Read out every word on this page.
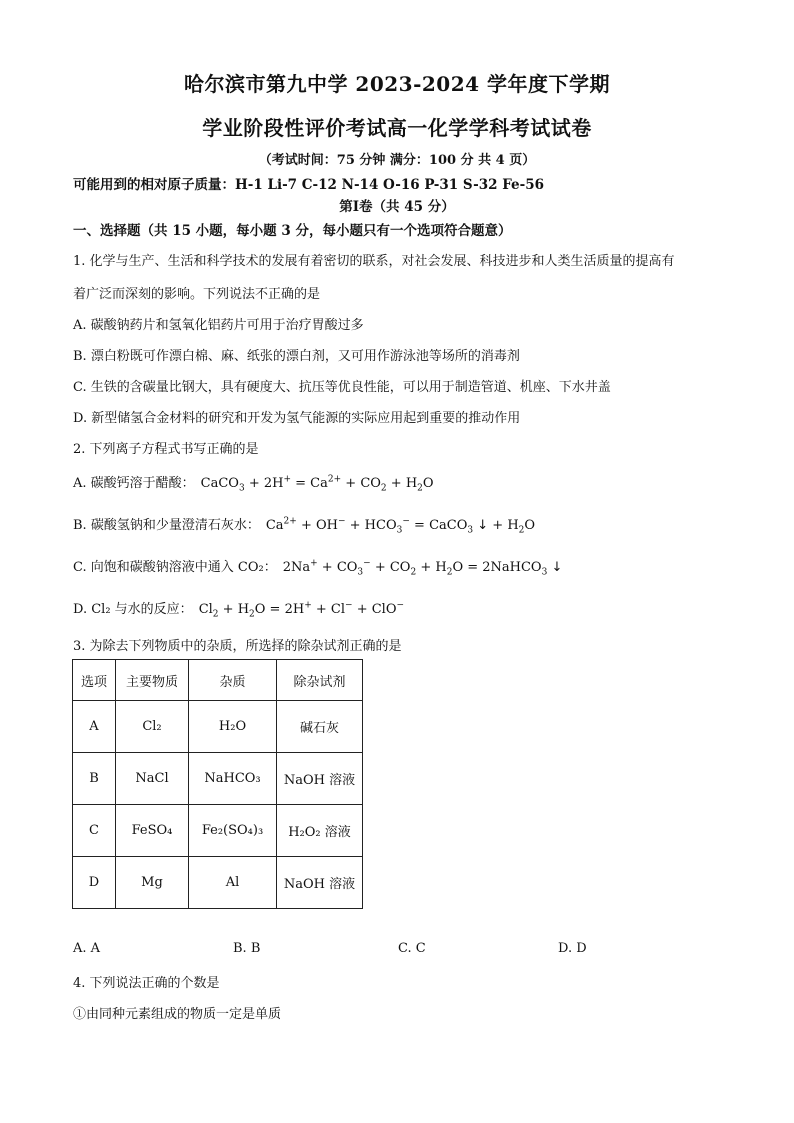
哈尔滨市第九中学 2023-2024 学年度下学期
学业阶段性评价考试高一化学学科考试试卷
（考试时间：75 分钟 满分：100 分 共 4 页）
可能用到的相对原子质量：H-1 Li-7 C-12 N-14 O-16 P-31 S-32 Fe-56
第Ⅰ卷（共 45 分）
一、选择题（共 15 小题，每小题 3 分，每小题只有一个选项符合题意）
1. 化学与生产、生活和科学技术的发展有着密切的联系，对社会发展、科技进步和人类生活质量的提高有
着广泛而深刻的影响。下列说法不正确的是
A. 碳酸钠药片和氢氧化铝药片可用于治疗胃酸过多
B. 漂白粉既可作漂白棉、麻、纸张的漂白剂，又可用作游泳池等场所的消毒剂
C. 生铁的含碳量比钢大，具有硬度大、抗压等优良性能，可以用于制造管道、机座、下水井盖
D. 新型储氢合金材料的研究和开发为氢气能源的实际应用起到重要的推动作用
2. 下列离子方程式书写正确的是
A. 碳酸钙溶于醋酸： CaCO$_3$ + $2H^+ = Ca^{2+} + CO_2 + H_2O$
B. 碳酸氢钠和少量澄清石灰水： $Ca^{2+} + OH^- + HCO_3^-$ = CaCO$_3$ ↓ + $H_2O$
C. 向饱和碳酸钠溶液中通入 CO₂： $2Na^+ + CO_3^- + CO_2 + H_2O$ = 2NaHCO$_3$ ↓
D. Cl₂ 与水的反应： $Cl_2 + H_2O = 2H^+ + Cl^- + ClO^-$
3. 为除去下列物质中的杂质，所选择的除杂试剂正确的是
选项	主要物质	杂质	除杂试剂
A	Cl₂	H₂O	碱石灰
B	NaCl	NaHCO₃	NaOH 溶液
C	FeSO₄	Fe₂(SO₄)₃	H₂O₂ 溶液
D	Mg	Al	NaOH 溶液
A. A	B. B	C. C	D. D
4. 下列说法正确的个数是
①由同种元素组成的物质一定是单质
